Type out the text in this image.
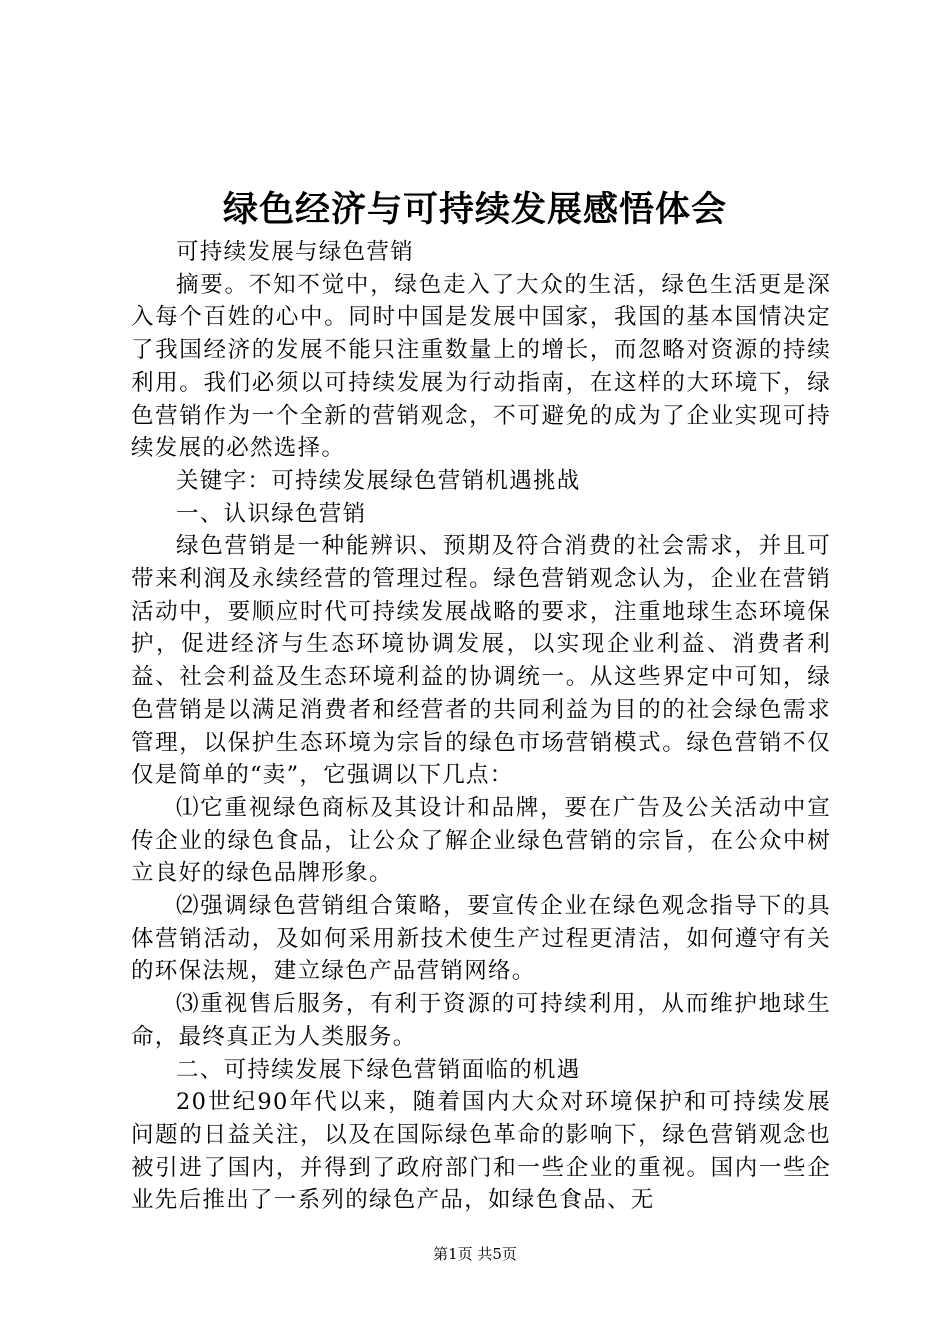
绿色经济与可持续发展感悟体会

可持续发展与绿色营销

摘要。不知不觉中，绿色走入了大众的生活，绿色生活更是深入每个百姓的心中。同时中国是发展中国家，我国的基本国情决定了我国经济的发展不能只注重数量上的增长，而忽略对资源的持续利用。我们必须以可持续发展为行动指南，在这样的大环境下，绿色营销作为一个全新的营销观念，不可避免的成为了企业实现可持续发展的必然选择。

关键字：可持续发展绿色营销机遇挑战

一、认识绿色营销

绿色营销是一种能辨识、预期及符合消费的社会需求，并且可带来利润及永续经营的管理过程。绿色营销观念认为，企业在营销活动中，要顺应时代可持续发展战略的要求，注重地球生态环境保护，促进经济与生态环境协调发展，以实现企业利益、消费者利益、社会利益及生态环境利益的协调统一。从这些界定中可知，绿色营销是以满足消费者和经营者的共同利益为目的的社会绿色需求管理，以保护生态环境为宗旨的绿色市场营销模式。绿色营销不仅仅是简单的“卖”，它强调以下几点：

⑴它重视绿色商标及其设计和品牌，要在广告及公关活动中宣传企业的绿色食品，让公众了解企业绿色营销的宗旨，在公众中树立良好的绿色品牌形象。

⑵强调绿色营销组合策略，要宣传企业在绿色观念指导下的具体营销活动，及如何采用新技术使生产过程更清洁，如何遵守有关的环保法规，建立绿色产品营销网络。

⑶重视售后服务，有利于资源的可持续利用，从而维护地球生命，最终真正为人类服务。

二、可持续发展下绿色营销面临的机遇

20世纪90年代以来，随着国内大众对环境保护和可持续发展问题的日益关注，以及在国际绿色革命的影响下，绿色营销观念也被引进了国内，并得到了政府部门和一些企业的重视。国内一些企业先后推出了一系列的绿色产品，如绿色食品、无

第1页 共5页
